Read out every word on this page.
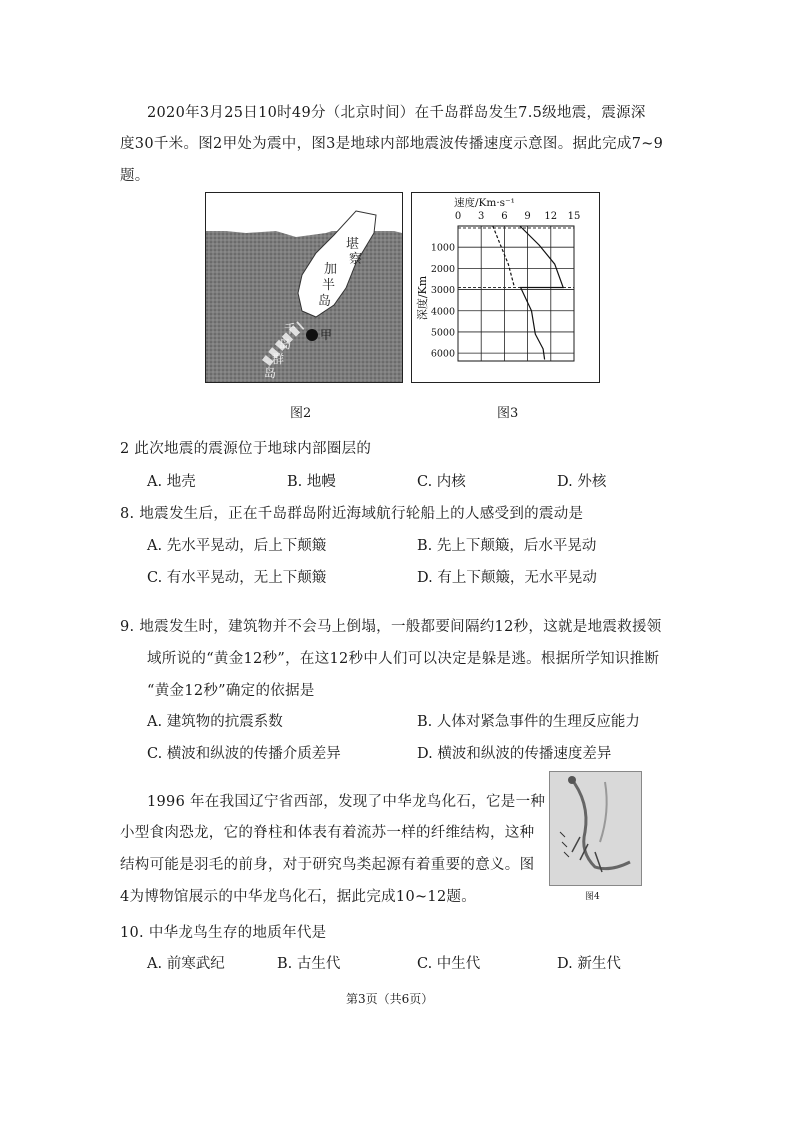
2020年3月25日10时49分（北京时间）在千岛群岛发生7.5级地震，震源深
度30千米。图2甲处为震中，图3是地球内部地震波传播速度示意图。据此完成7~9
题。
堪
察
加
半
岛
千
岛
群
岛
甲
图2
速度/Km·s⁻¹
0 3 6 9 12 15
1000
2000
3000
4000
5000
6000
深度/Km
图3
2 此次地震的震源位于地球内部圈层的
A. 地壳	B. 地幔	C. 内核	D. 外核
8. 地震发生后，正在千岛群岛附近海域航行轮船上的人感受到的震动是
A. 先水平晃动，后上下颠簸	B. 先上下颠簸，后水平晃动
C. 有水平晃动，无上下颠簸	D. 有上下颠簸，无水平晃动
9. 地震发生时，建筑物并不会马上倒塌，一般都要间隔约12秒，这就是地震救援领
域所说的“黄金12秒”，在这12秒中人们可以决定是躲是逃。根据所学知识推断
“黄金12秒”确定的依据是
A. 建筑物的抗震系数	B. 人体对紧急事件的生理反应能力
C. 横波和纵波的传播介质差异	D. 横波和纵波的传播速度差异
1996 年在我国辽宁省西部，发现了中华龙鸟化石，它是一种
小型食肉恐龙，它的脊柱和体表有着流苏一样的纤维结构，这种
结构可能是羽毛的前身，对于研究鸟类起源有着重要的意义。图
4为博物馆展示的中华龙鸟化石，据此完成10~12题。	图4
10. 中华龙鸟生存的地质年代是
A. 前寒武纪	B. 古生代	C. 中生代	D. 新生代
第3页（共6页）
